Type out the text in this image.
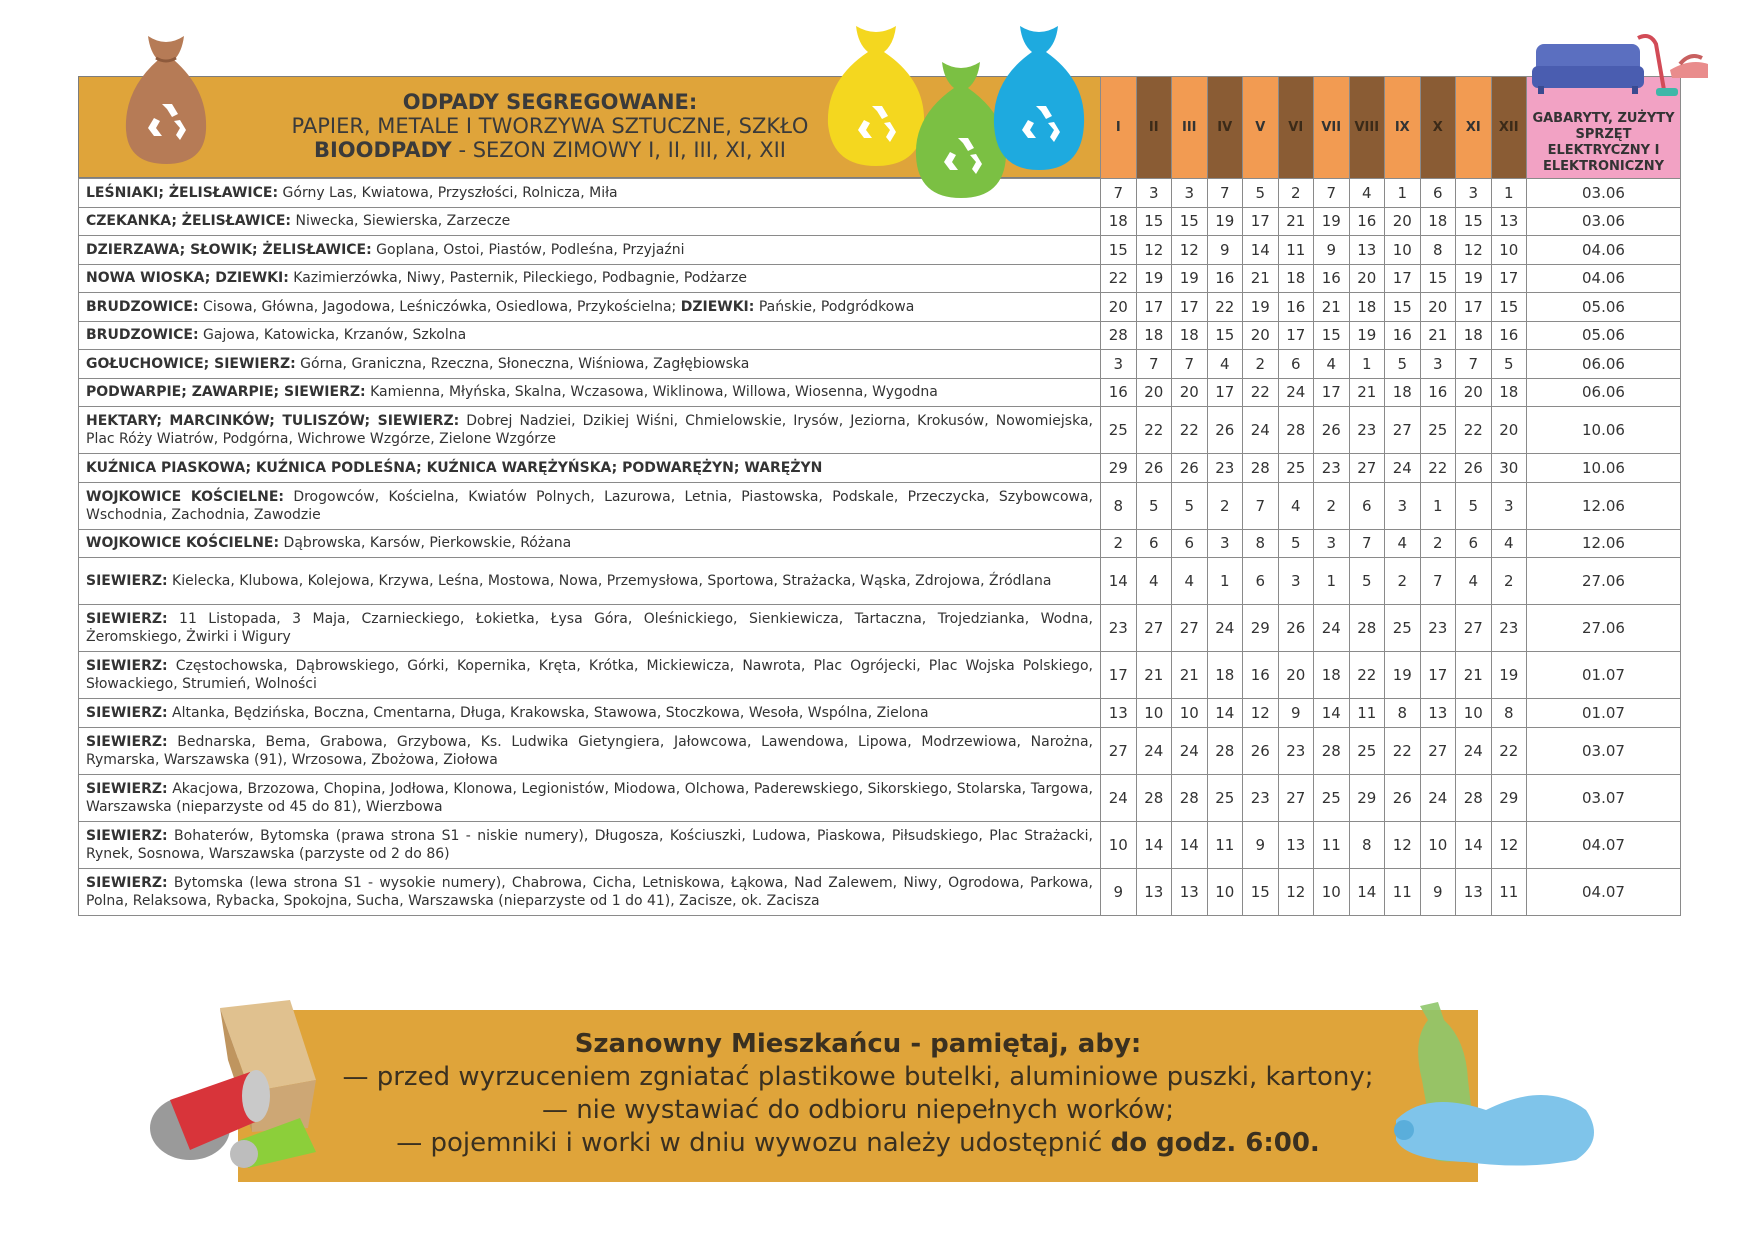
ODPADY SEGREGOWANE:
PAPIER, METALE I TWORZYWA SZTUCZNE, SZKŁO
BIOODPADY - SEZON ZIMOWY I, II, III, XI, XII
	I	II	III	IV	V	VI	VII	VIII	IX	X	XI	XII	GABARYTY, ZUŻYTY SPRZĘT ELEKTRYCZNY I ELEKTRONICZNY
LEŚNIAKI; ŻELISŁAWICE: Górny Las, Kwiatowa, Przyszłości, Rolnicza, Miła	7	3	3	7	5	2	7	4	1	6	3	1	03.06
CZEKANKA; ŻELISŁAWICE: Niwecka, Siewierska, Zarzecze	18	15	15	19	17	21	19	16	20	18	15	13	03.06
DZIERZAWA; SŁOWIK; ŻELISŁAWICE: Goplana, Ostoi, Piastów, Podleśna, Przyjaźni	15	12	12	9	14	11	9	13	10	8	12	10	04.06
NOWA WIOSKA; DZIEWKI: Kazimierzówka, Niwy, Pasternik, Pileckiego, Podbagnie, Podżarze	22	19	19	16	21	18	16	20	17	15	19	17	04.06
BRUDZOWICE: Cisowa, Główna, Jagodowa, Leśniczówka, Osiedlowa, Przykościelna; DZIEWKI: Pańskie, Podgródkowa	20	17	17	22	19	16	21	18	15	20	17	15	05.06
BRUDZOWICE: Gajowa, Katowicka, Krzanów, Szkolna	28	18	18	15	20	17	15	19	16	21	18	16	05.06
GOŁUCHOWICE; SIEWIERZ: Górna, Graniczna, Rzeczna, Słoneczna, Wiśniowa, Zagłębiowska	3	7	7	4	2	6	4	1	5	3	7	5	06.06
PODWARPIE; ZAWARPIE; SIEWIERZ: Kamienna, Młyńska, Skalna, Wczasowa, Wiklinowa, Willowa, Wiosenna, Wygodna	16	20	20	17	22	24	17	21	18	16	20	18	06.06
HEKTARY; MARCINKÓW; TULISZÓW; SIEWIERZ: Dobrej Nadziei, Dzikiej Wiśni, Chmielowskie, Irysów, Jeziorna, Krokusów, Nowomiejska, Plac Róży Wiatrów, Podgórna, Wichrowe Wzgórze, Zielone Wzgórze	25	22	22	26	24	28	26	23	27	25	22	20	10.06
KUŹNICA PIASKOWA; KUŹNICA PODLEŚNA; KUŹNICA WARĘŻYŃSKA; PODWARĘŻYN; WARĘŻYN	29	26	26	23	28	25	23	27	24	22	26	30	10.06
WOJKOWICE KOŚCIELNE: Drogowców, Kościelna, Kwiatów Polnych, Lazurowa, Letnia, Piastowska, Podskale, Przeczycka, Szybowcowa, Wschodnia, Zachodnia, Zawodzie	8	5	5	2	7	4	2	6	3	1	5	3	12.06
WOJKOWICE KOŚCIELNE: Dąbrowska, Karsów, Pierkowskie, Różana	2	6	6	3	8	5	3	7	4	2	6	4	12.06
SIEWIERZ: Kielecka, Klubowa, Kolejowa, Krzywa, Leśna, Mostowa, Nowa, Przemysłowa, Sportowa, Strażacka, Wąska, Zdrojowa, Źródlana	14	4	4	1	6	3	1	5	2	7	4	2	27.06
SIEWIERZ: 11 Listopada, 3 Maja, Czarnieckiego, Łokietka, Łysa Góra, Oleśnickiego, Sienkiewicza, Tartaczna, Trojedzianka, Wodna, Żeromskiego, Żwirki i Wigury	23	27	27	24	29	26	24	28	25	23	27	23	27.06
SIEWIERZ: Częstochowska, Dąbrowskiego, Górki, Kopernika, Kręta, Krótka, Mickiewicza, Nawrota, Plac Ogrójecki, Plac Wojska Polskiego, Słowackiego, Strumień, Wolności	17	21	21	18	16	20	18	22	19	17	21	19	01.07
SIEWIERZ: Altanka, Będzińska, Boczna, Cmentarna, Długa, Krakowska, Stawowa, Stoczkowa, Wesoła, Wspólna, Zielona	13	10	10	14	12	9	14	11	8	13	10	8	01.07
SIEWIERZ: Bednarska, Bema, Grabowa, Grzybowa, Ks. Ludwika Gietyngiera, Jałowcowa, Lawendowa, Lipowa, Modrzewiowa, Narożna, Rymarska, Warszawska (91), Wrzosowa, Zbożowa, Ziołowa	27	24	24	28	26	23	28	25	22	27	24	22	03.07
SIEWIERZ: Akacjowa, Brzozowa, Chopina, Jodłowa, Klonowa, Legionistów, Miodowa, Olchowa, Paderewskiego, Sikorskiego, Stolarska, Targowa, Warszawska (nieparzyste od 45 do 81), Wierzbowa	24	28	28	25	23	27	25	29	26	24	28	29	03.07
SIEWIERZ: Bohaterów, Bytomska (prawa strona S1 - niskie numery), Długosza, Kościuszki, Ludowa, Piaskowa, Piłsudskiego, Plac Strażacki, Rynek, Sosnowa, Warszawska (parzyste od 2 do 86)	10	14	14	11	9	13	11	8	12	10	14	12	04.07
SIEWIERZ: Bytomska (lewa strona S1 - wysokie numery), Chabrowa, Cicha, Letniskowa, Łąkowa, Nad Zalewem, Niwy, Ogrodowa, Parkowa, Polna, Relaksowa, Rybacka, Spokojna, Sucha, Warszawska (nieparzyste od 1 do 41), Zacisze, ok. Zacisza	9	13	13	10	15	12	10	14	11	9	13	11	04.07
Szanowny Mieszkańcu - pamiętaj, aby:
— przed wyrzuceniem zgniatać plastikowe butelki, aluminiowe puszki, kartony;
— nie wystawiać do odbioru niepełnych worków;
— pojemniki i worki w dniu wywozu należy udostępnić do godz. 6:00.
